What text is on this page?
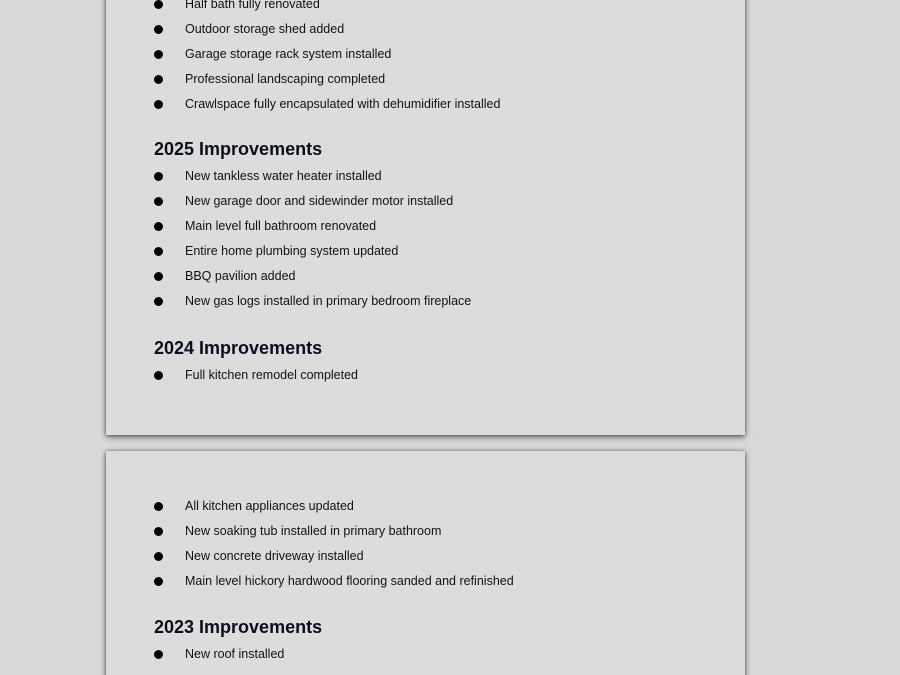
Half bath fully renovated
Outdoor storage shed added
Garage storage rack system installed
Professional landscaping completed
Crawlspace fully encapsulated with dehumidifier installed
2025 Improvements
New tankless water heater installed
New garage door and sidewinder motor installed
Main level full bathroom renovated
Entire home plumbing system updated
BBQ pavilion added
New gas logs installed in primary bedroom fireplace
2024 Improvements
Full kitchen remodel completed
All kitchen appliances updated
New soaking tub installed in primary bathroom
New concrete driveway installed
Main level hickory hardwood flooring sanded and refinished
2023 Improvements
New roof installed
